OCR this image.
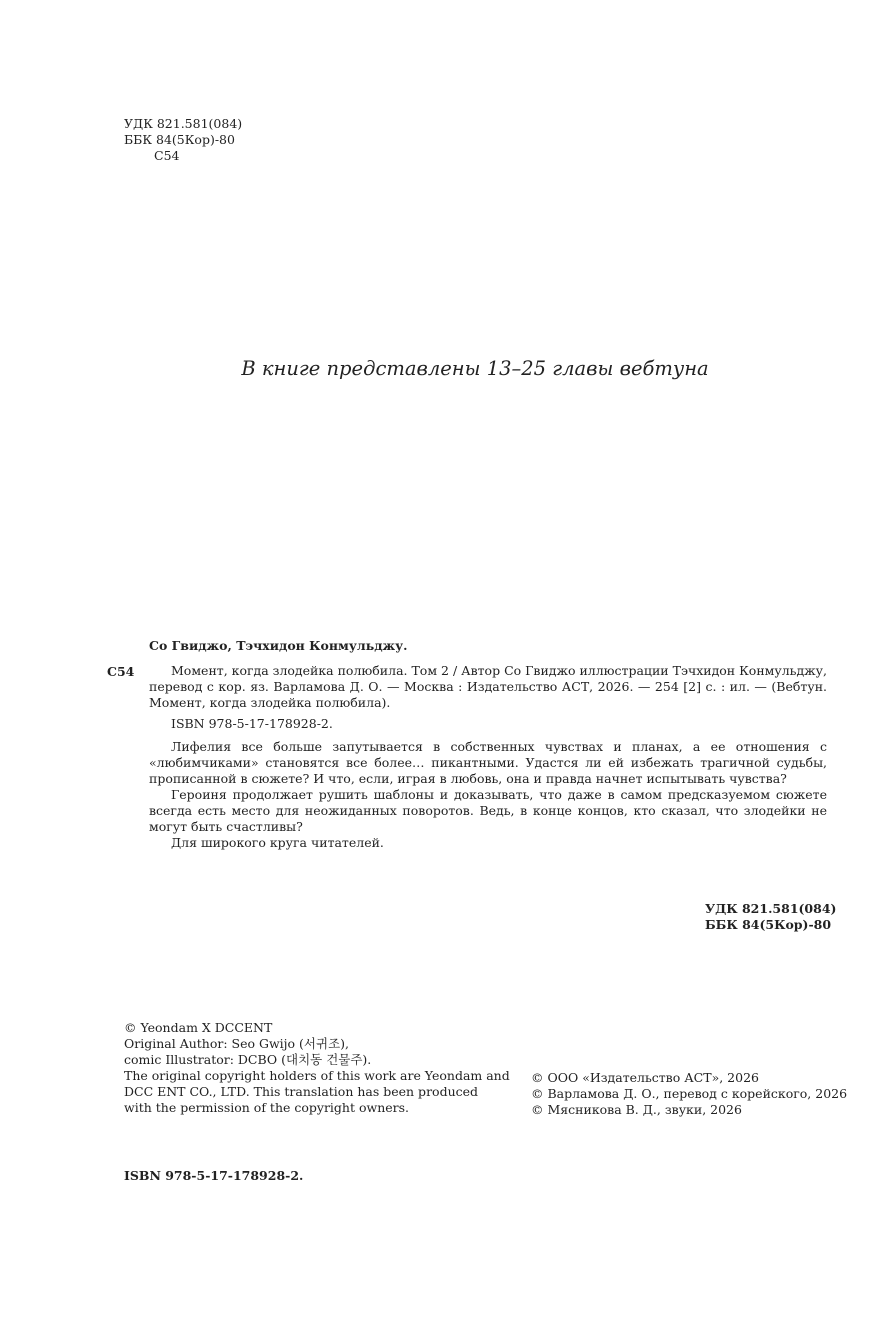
УДК 821.581(084)
ББК 84(5Кор)-80
С54
В книге представлены 13–25 главы вебтуна
Со Гвиджо, Тэчхидон Конмульджу.
С54	Момент, когда злодейка полюбила. Том 2 / Автор Со Гвиджо иллюстрации Тэчхидон Конмульджу, перевод с кор. яз. Варламова Д. О. — Москва : Издательство АСТ, 2026. — 254 [2] с. : ил. — (Вебтун. Момент, когда злодейка полюбила).

ISBN 978-5-17-178928-2.

Лифелия все больше запутывается в собственных чувствах и планах, а ее отношения с «любимчиками» становятся все более… пикантными. Удастся ли ей избежать трагичной судьбы, прописанной в сюжете? И что, если, играя в любовь, она и правда начнет испытывать чувства?

Героиня продолжает рушить шаблоны и доказывать, что даже в самом предсказуемом сюжете всегда есть место для неожиданных поворотов. Ведь, в конце концов, кто сказал, что злодейки не могут быть счастливы?

Для широкого круга читателей.

УДК 821.581(084)
ББК 84(5Кор)-80
© Yeondam X DCCENT
Original Author: Seo Gwijo (서귀조),
comic Illustrator: DCBO (대치동 건물주).
The original copyright holders of this work are Yeondam and
DCC ENT CO., LTD. This translation has been produced
with the permission of the copyright owners.
© ООО «Издательство АСТ», 2026
© Варламова Д. О., перевод с корейского, 2026
© Мясникова В. Д., звуки, 2026
ISBN 978-5-17-178928-2.
